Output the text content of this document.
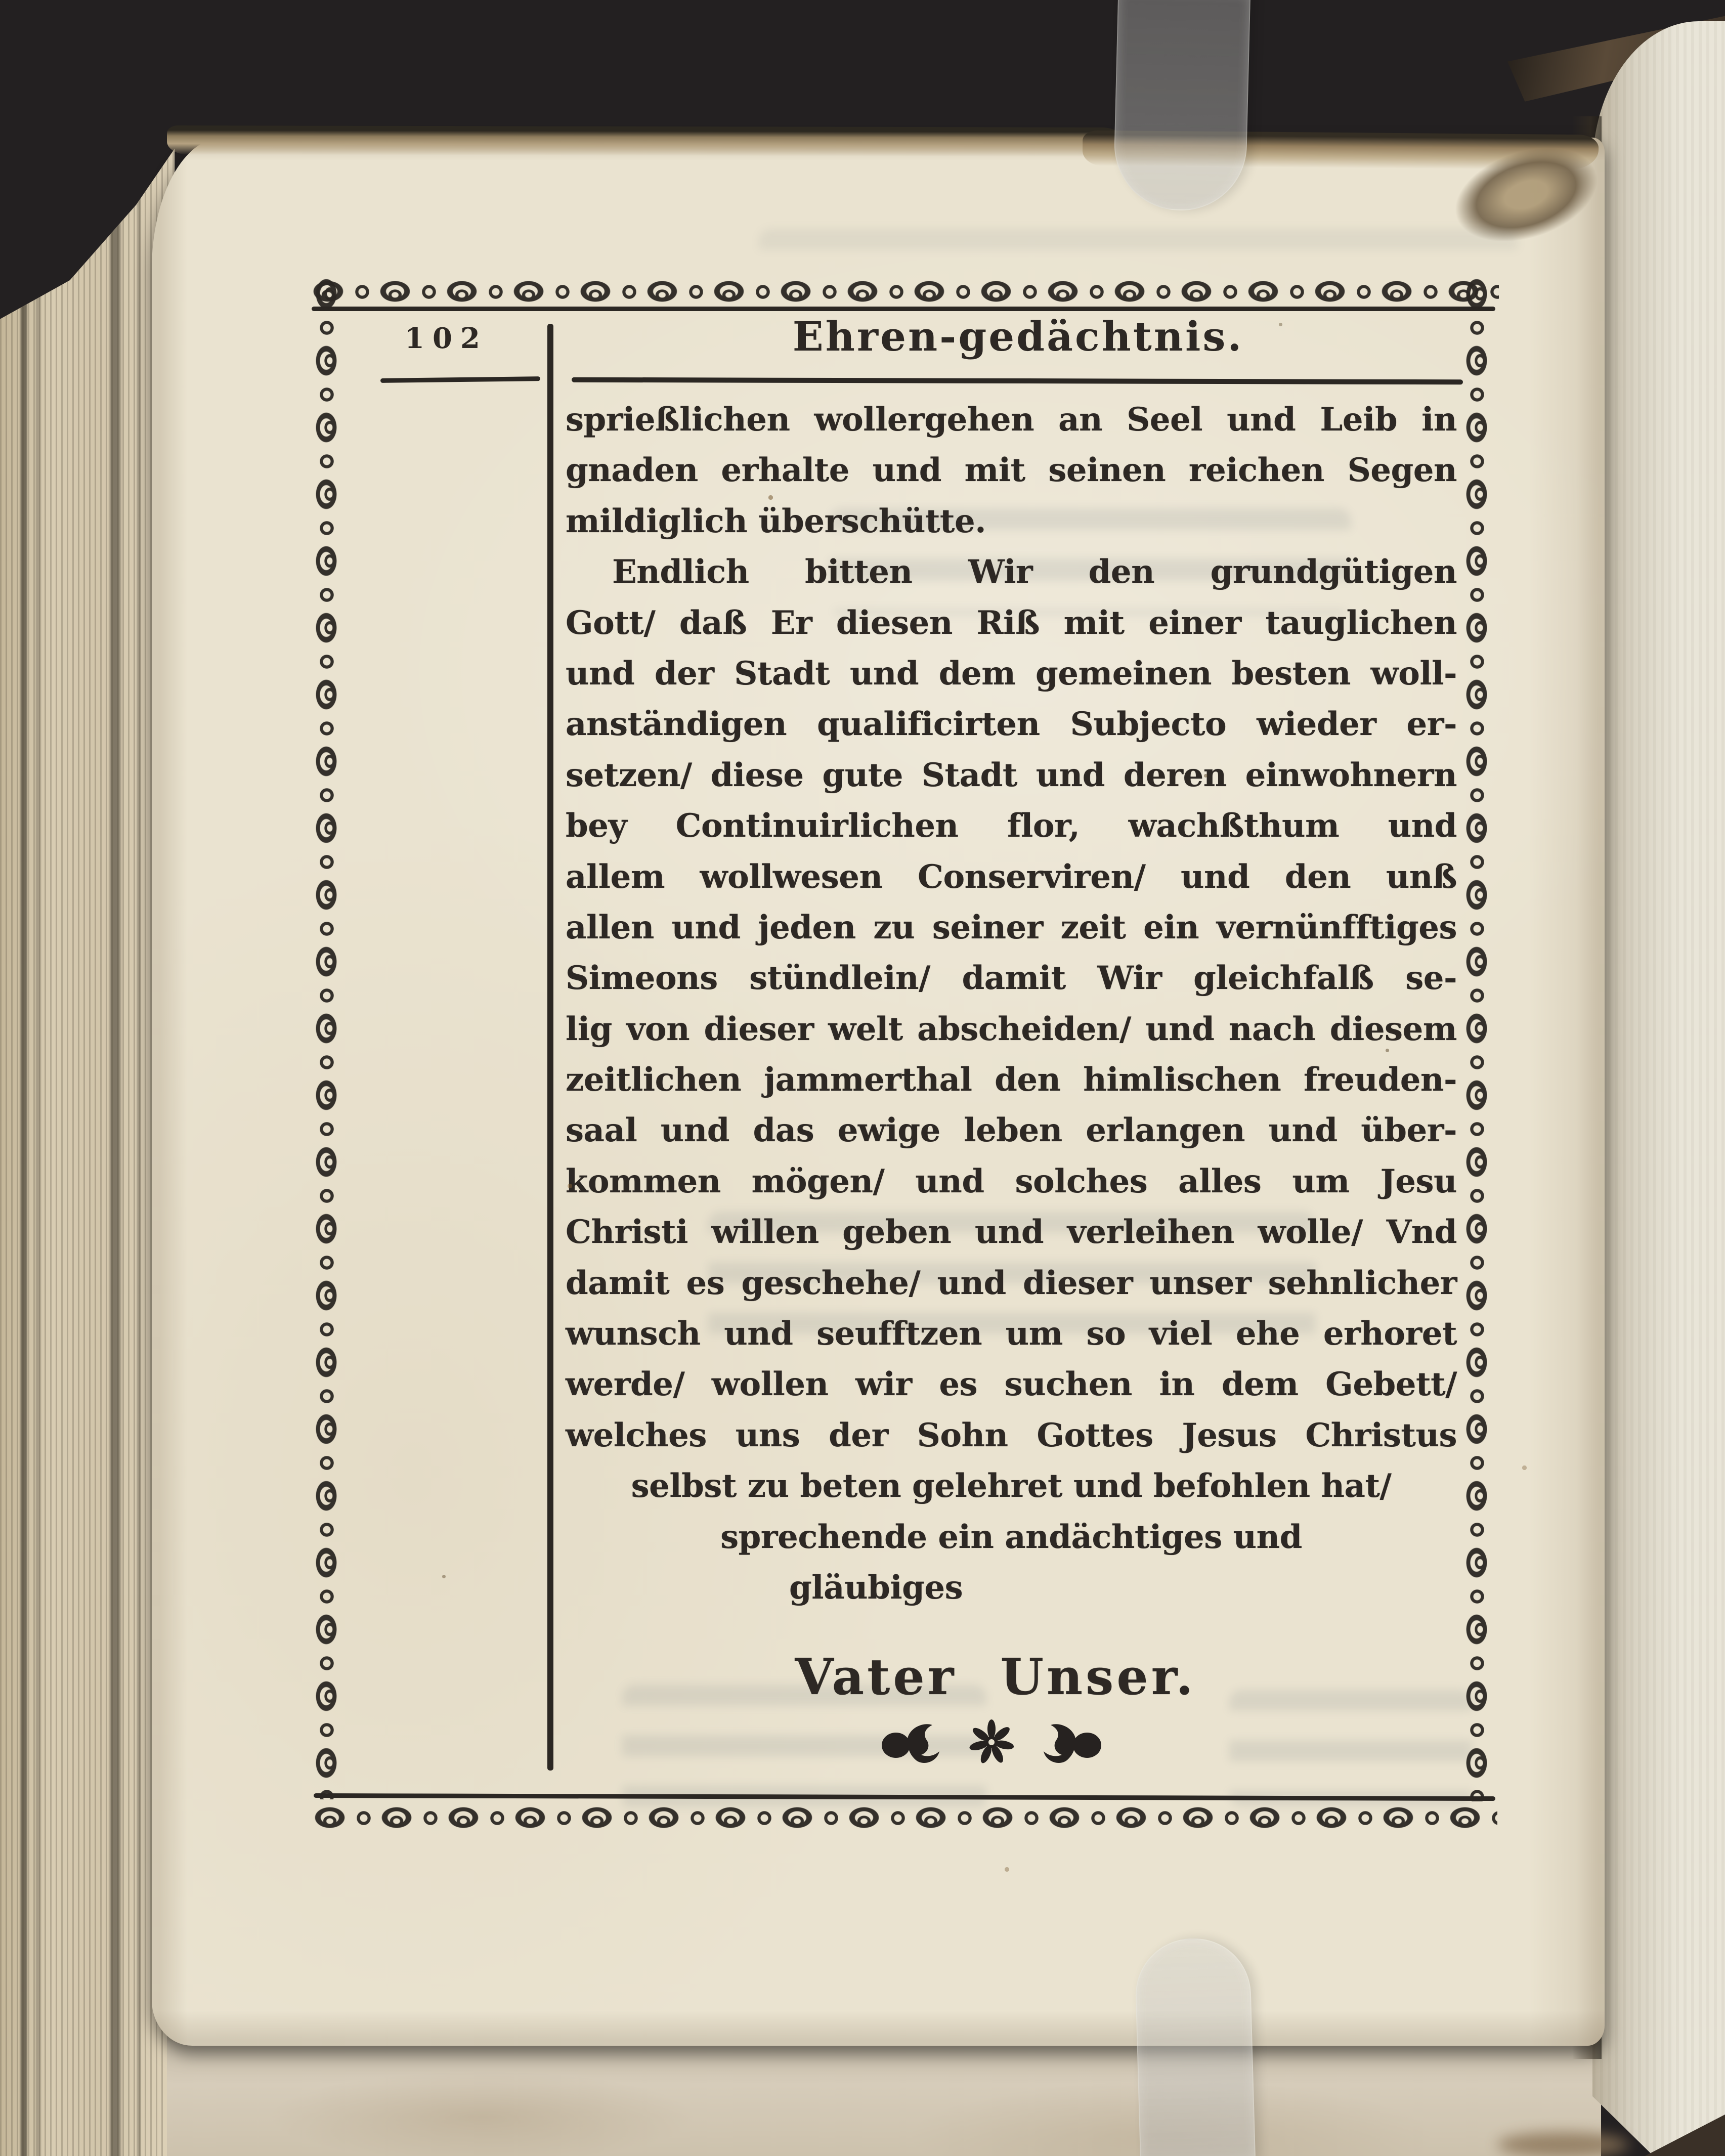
102	Ehren-gedächtnis.
sprießlichen wollergehen an Seel und Leib in
gnaden erhalte und mit seinen reichen Segen
mildiglich überschütte.
Endlich bitten Wir den grundgütigen
Gott/ daß Er diesen Riß mit einer tauglichen
und der Stadt und dem gemeinen besten woll-
anständigen qualificirten Subjecto wieder er-
setzen/ diese gute Stadt und deren einwohnern
bey Continuirlichen flor, wachßthum und
allem wollwesen Conserviren/ und den unß
allen und jeden zu seiner zeit ein vernünfftiges
Simeons stündlein/ damit Wir gleichfalß se-
lig von dieser welt abscheiden/ und nach diesem
zeitlichen jammerthal den himlischen freuden-
saal und das ewige leben erlangen und über-
kommen mögen/ und solches alles um Jesu
Christi willen geben und verleihen wolle/ Vnd
damit es geschehe/ und dieser unser sehnlicher
wunsch und seufftzen um so viel ehe erhoret
werde/ wollen wir es suchen in dem Gebett/
welches uns der Sohn Gottes Jesus Christus
selbst zu beten gelehret und befohlen hat/
sprechende ein andächtiges und
gläubiges
Vater Unser.
